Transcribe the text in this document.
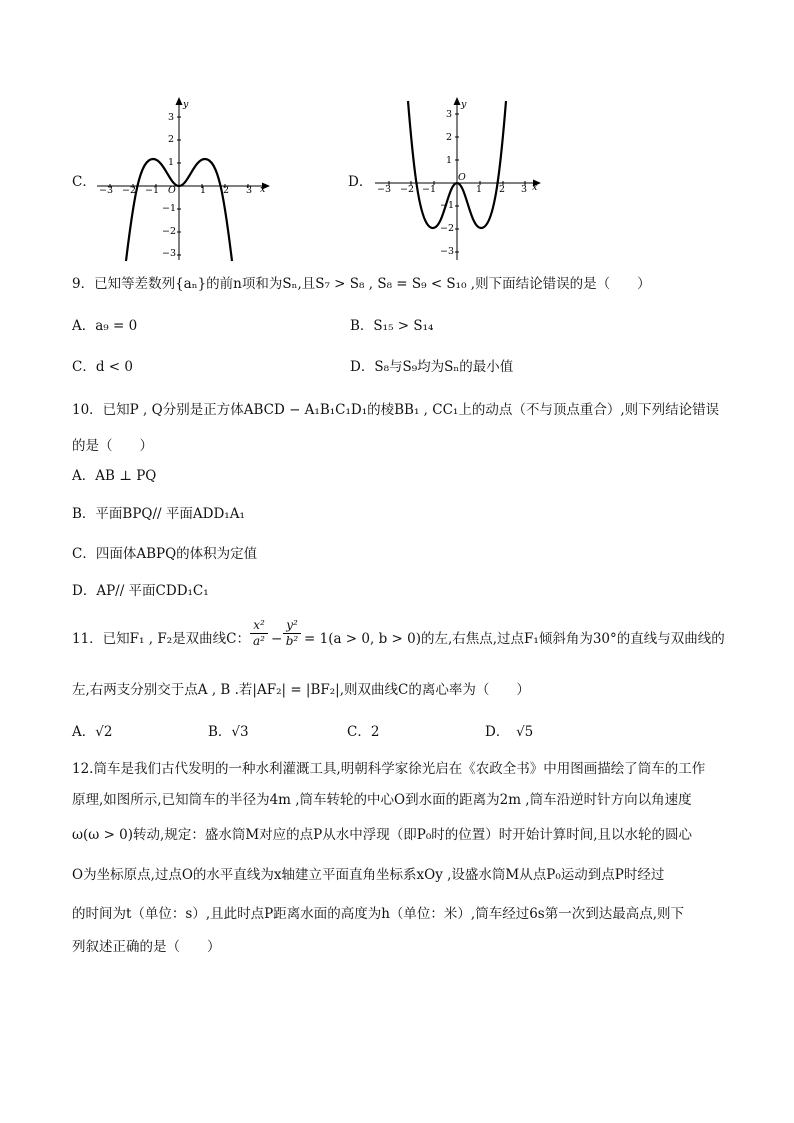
C．	x
y
−3 −2 −1 O	1 2 3
3
2
1
−1
−2
−3
D．	x
y
−3 −2 −1
O
1 2 3
3
2
1
−1
−2
−3
9．已知等差数列{aₙ}的前n项和为Sₙ,且S₇ > S₈ , S₈ = S₉ < S₁₀ ,则下面结论错误的是（　　）
A．a₉ = 0	B．S₁₅ > S₁₄
C．d < 0	D．S₈与S₉均为Sₙ的最小值
10．已知P , Q分别是正方体ABCD − A₁B₁C₁D₁的棱BB₁ , CC₁上的动点（不与顶点重合）,则下列结论错误
的是（　　）
A．AB ⊥ PQ
B．平面BPQ// 平面ADD₁A₁
C．四面体ABPQ的体积为定值
D．AP// 平面CDD₁C₁
11．已知F₁ , F₂是双曲线C： $\frac{\text{x²}}{\text{a²}} - \frac{\text{y²}}{\text{b²}} = 1(a > 0$, b > 0)的左,右焦点,过点F₁倾斜角为30°的直线与双曲线的
左,右两支分别交于点A , B .若|AF₂| = |BF₂|,则双曲线C的离心率为（　　）
A．√2	B．√3	C．2	D．　√5
12.筒车是我们古代发明的一种水利灌溉工具,明朝科学家徐光启在《农政全书》中用图画描绘了筒车的工作
原理,如图所示,已知筒车的半径为4m ,筒车转轮的中心O到水面的距离为2m ,筒车沿逆时针方向以角速度
ω(ω > 0)转动,规定：盛水筒M对应的点P从水中浮现（即P₀时的位置）时开始计算时间,且以水轮的圆心
O为坐标原点,过点O的水平直线为x轴建立平面直角坐标系xOy ,设盛水筒M从点P₀运动到点P时经过
的时间为t（单位：s）,且此时点P距离水面的高度为h（单位：米）,筒车经过6s第一次到达最高点,则下
列叙述正确的是（　　）
